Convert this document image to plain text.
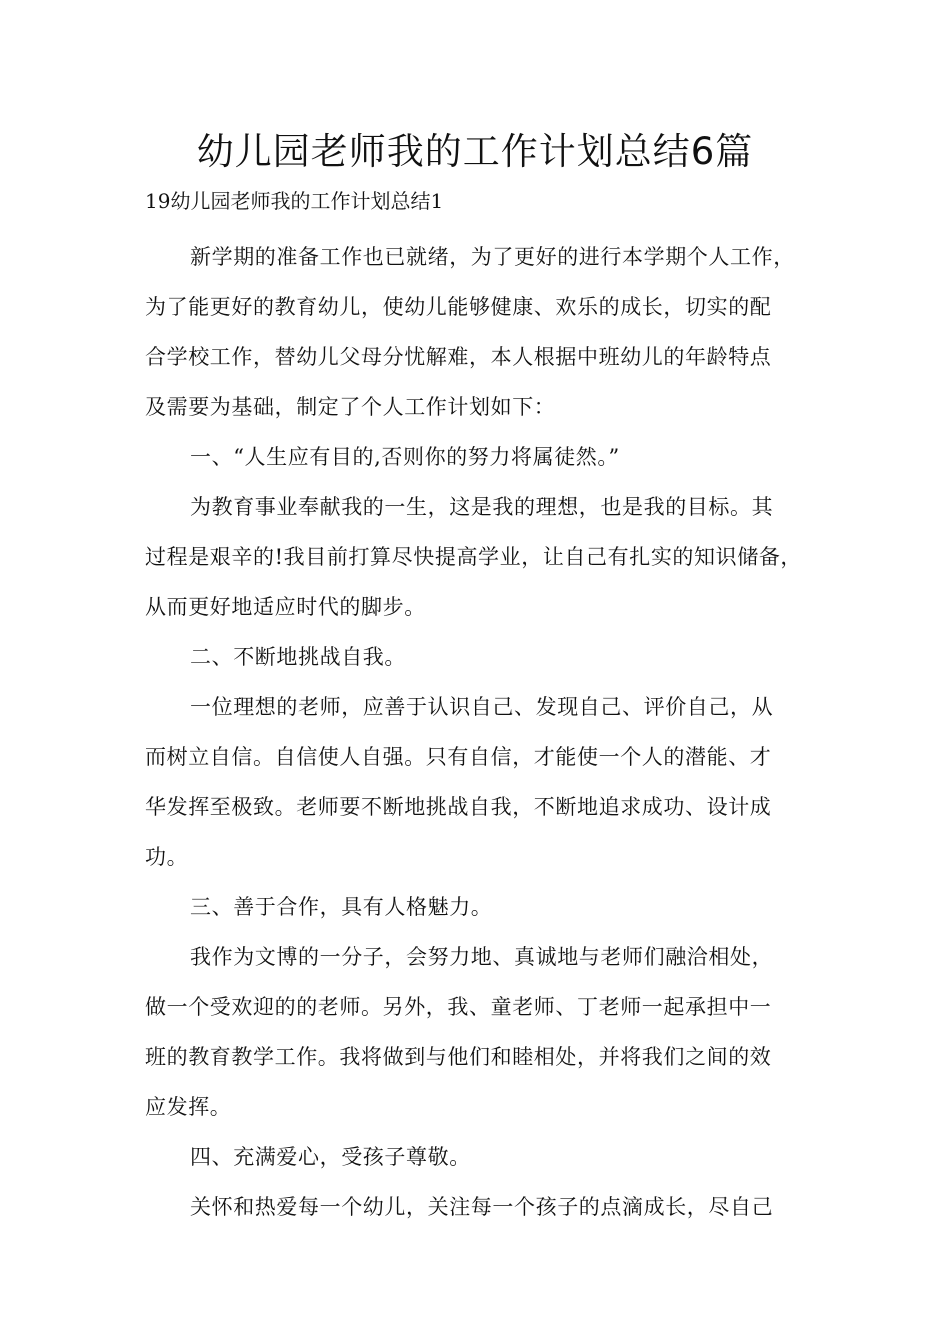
幼儿园老师我的工作计划总结6篇

19幼儿园老师我的工作计划总结1

新学期的准备工作也已就绪，为了更好的进行本学期个人工作，
为了能更好的教育幼儿，使幼儿能够健康、欢乐的成长，切实的配
合学校工作，替幼儿父母分忧解难，本人根据中班幼儿的年龄特点
及需要为基础，制定了个人工作计划如下：

一、“人生应有目的,否则你的努力将属徒然。”

为教育事业奉献我的一生，这是我的理想，也是我的目标。其
过程是艰辛的!我目前打算尽快提高学业，让自己有扎实的知识储备，
从而更好地适应时代的脚步。

二、不断地挑战自我。

一位理想的老师，应善于认识自己、发现自己、评价自己，从
而树立自信。自信使人自强。只有自信，才能使一个人的潜能、才
华发挥至极致。老师要不断地挑战自我，不断地追求成功、设计成
功。

三、善于合作，具有人格魅力。

我作为文博的一分子，会努力地、真诚地与老师们融洽相处，
做一个受欢迎的的老师。另外，我、童老师、丁老师一起承担中一
班的教育教学工作。我将做到与他们和睦相处，并将我们之间的效
应发挥。

四、充满爱心，受孩子尊敬。

关怀和热爱每一个幼儿，关注每一个孩子的点滴成长，尽自己
